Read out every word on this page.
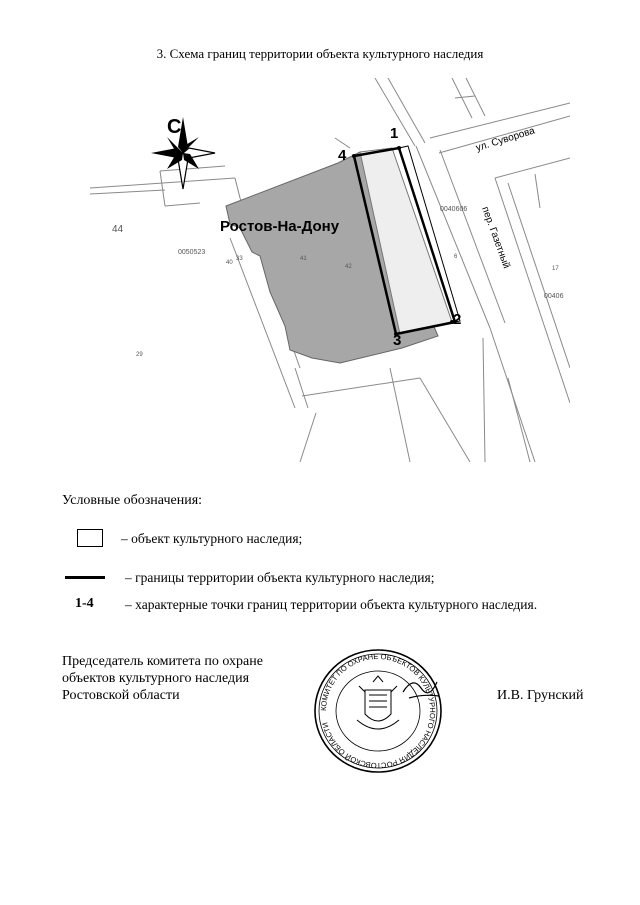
3. Схема границ территории объекта культурного наследия
С
Ростов-На-Дону
ул. Суворова
пер. Газетный
44
0050523
0040606
00406
17
6
29
33
40
41
42
1
2
3
4
Условные обозначения:
– объект культурного наследия;
– границы территории объекта культурного наследия;
1-4 – характерные точки границ территории объекта культурного наследия.
Председатель комитета по охране
объектов культурного наследия
Ростовской области
КОМИТЕТ ПО ОХРАНЕ ОБЪЕКТОВ КУЛЬТУРНОГО НАСЛЕДИЯ РОСТОВСКОЙ ОБЛАСТИ
И.В. Грунский
